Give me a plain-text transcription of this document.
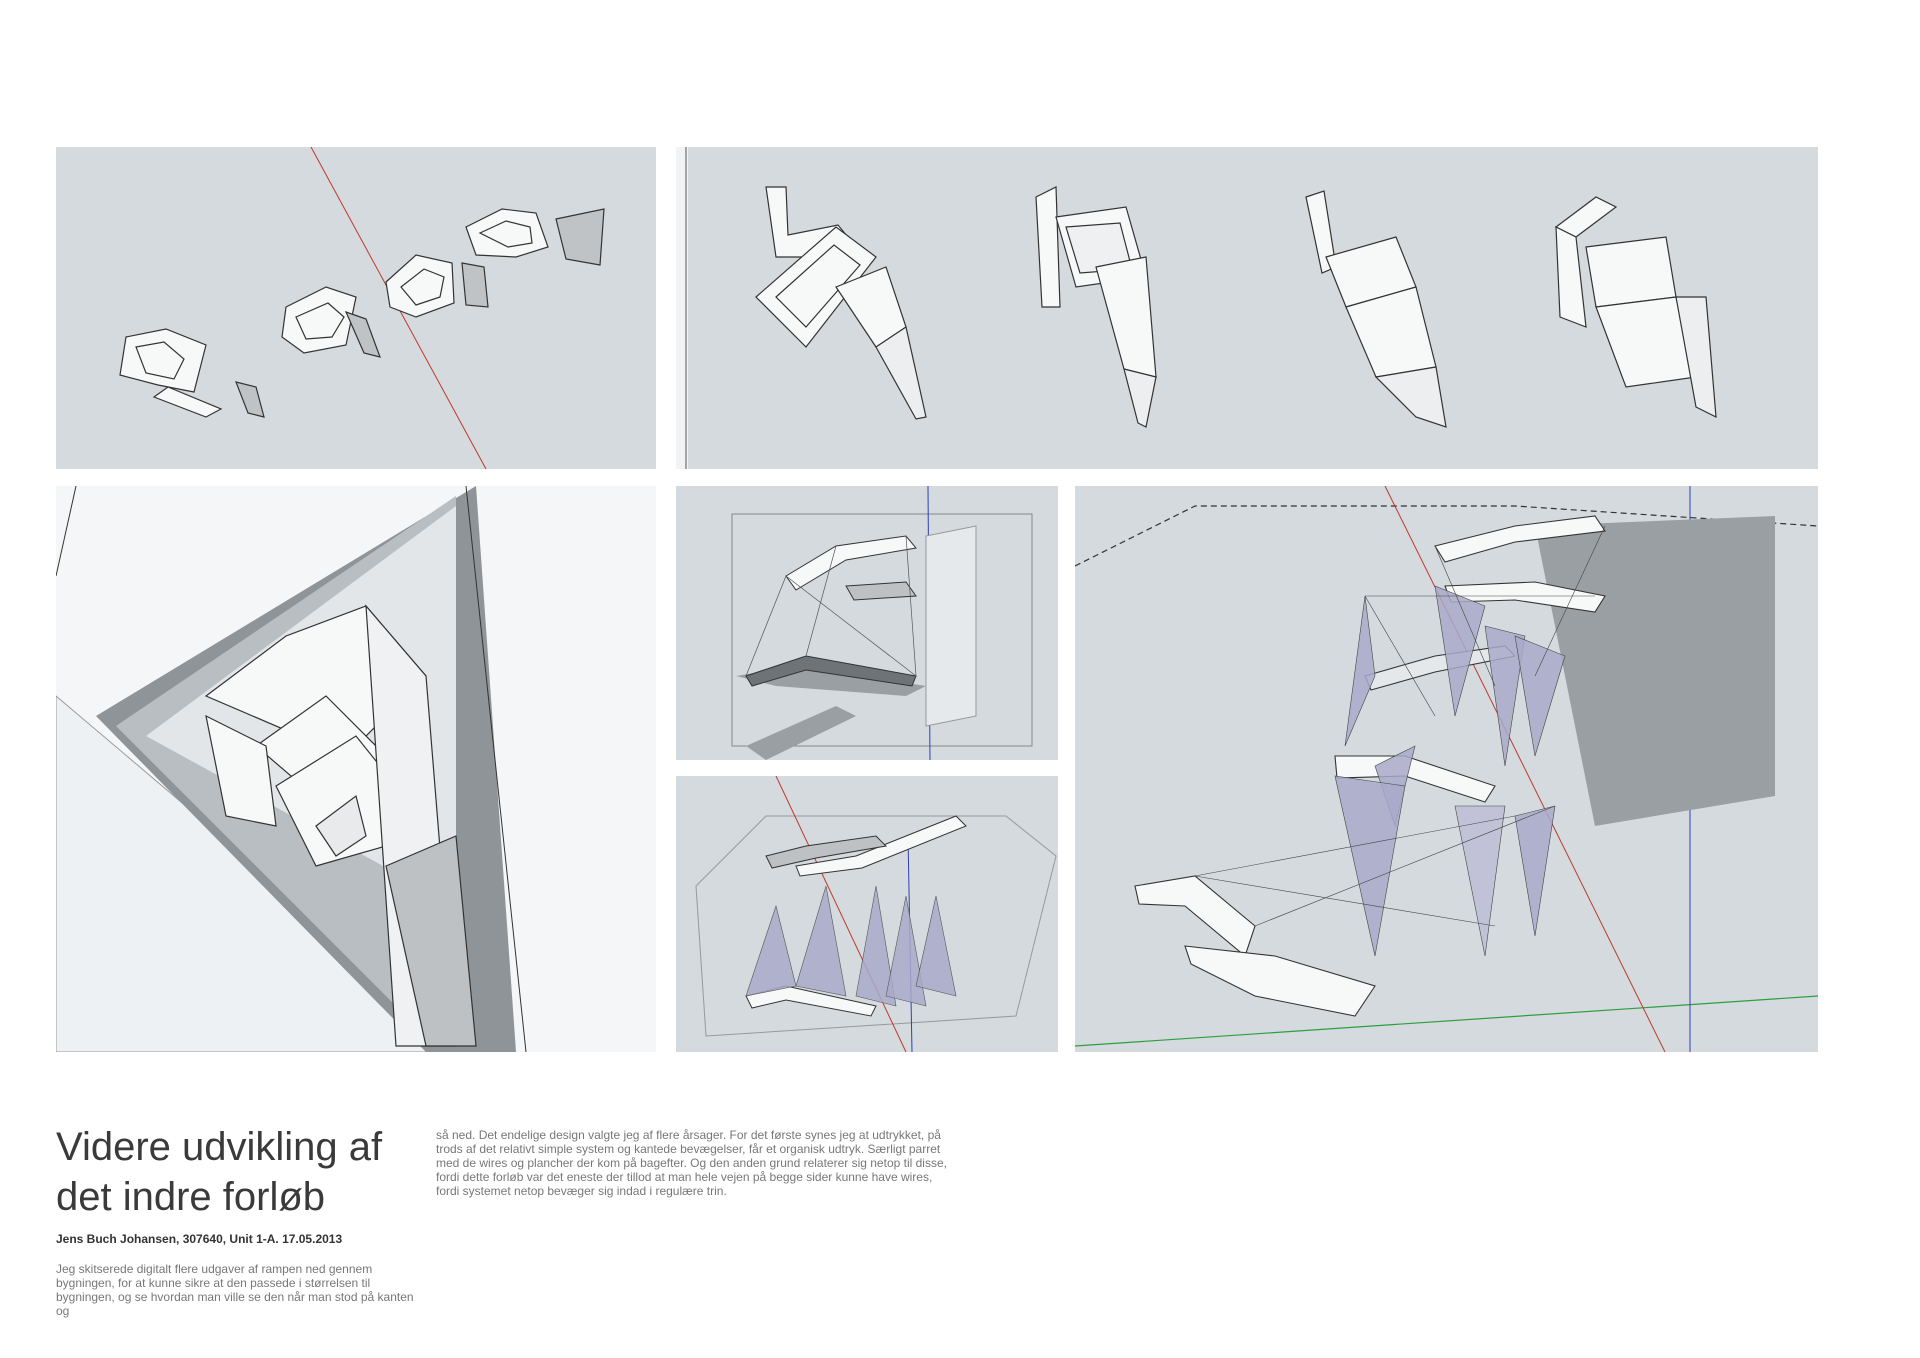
Videre udvikling af
det indre forløb
Jens Buch Johansen, 307640, Unit 1-A. 17.05.2013
Jeg skitserede digitalt flere udgaver af rampen ned gennem bygningen, for at kunne sikre at den passede i størrelsen til bygningen, og se hvordan man ville se den når man stod på kanten og
så ned. Det endelige design valgte jeg af flere årsager. For det første synes jeg at udtrykket, på trods af det relativt simple system og kantede bevægelser, får et organisk udtryk. Særligt parret med de wires og plancher der kom på bagefter. Og den anden grund relaterer sig netop til disse, fordi dette forløb var det eneste der tillod at man hele vejen på begge sider kunne have wires, fordi systemet netop bevæger sig indad i regulære trin.
